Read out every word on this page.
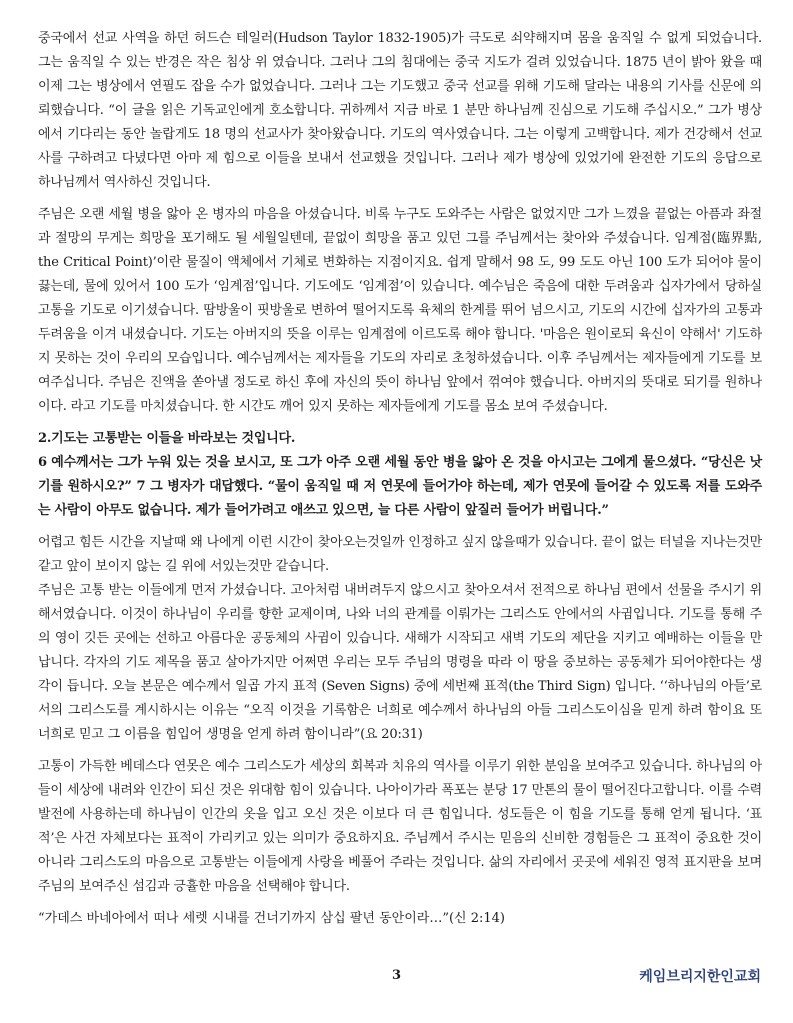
중국에서 선교 사역을 하던 허드슨 테일러(Hudson Taylor 1832-1905)가 극도로 쇠약해지며 몸을 움직일 수 없게 되었습니다. 그는 움직일 수 있는 반경은 작은 침상 위 였습니다. 그러나 그의 침대에는 중국 지도가 걸려 있었습니다. 1875 년이 밝아 왔을 때 이제 그는 병상에서 연필도 잡을 수가 없었습니다. 그러나 그는 기도했고 중국 선교를 위해 기도해 달라는 내용의 기사를 신문에 의뢰했습니다. “이 글을 읽은 기독교인에게 호소합니다. 귀하께서 지금 바로 1 분만 하나님께 진심으로 기도해 주십시오.” 그가 병상에서 기다리는 동안 놀랍게도 18 명의 선교사가 찾아왔습니다. 기도의 역사였습니다. 그는 이렇게 고백합니다. 제가 건강해서 선교사를 구하려고 다녔다면 아마 제 힘으로 이들을 보내서 선교했을 것입니다. 그러나 제가 병상에 있었기에 완전한 기도의 응답으로 하나님께서 역사하신 것입니다.

주님은 오랜 세월 병을 앓아 온 병자의 마음을 아셨습니다. 비록 누구도 도와주는 사람은 없었지만 그가 느꼈을 끝없는 아픔과 좌절과 절망의 무게는 희망을 포기해도 될 세월일텐데, 끝없이 희망을 품고 있던 그를 주님께서는 찾아와 주셨습니다. 임계점(臨界點, the Critical Point)’이란 물질이 액체에서 기체로 변화하는 지점이지요. 쉽게 말해서 98 도, 99 도도 아닌 100 도가 되어야 물이 끓는데, 물에 있어서 100 도가 ‘임계점’입니다. 기도에도 ‘임계점’이 있습니다. 예수님은 죽음에 대한 두려움과 십자가에서 당하실 고통을 기도로 이기셨습니다. 땀방울이 핏방울로 변하여 떨어지도록 육체의 한계를 뛰어 넘으시고, 기도의 시간에 십자가의 고통과 두려움을 이겨 내셨습니다. 기도는 아버지의 뜻을 이루는 임계점에 이르도록 해야 합니다. '마음은 원이로되 육신이 약해서' 기도하지 못하는 것이 우리의 모습입니다. 예수님께서는 제자들을 기도의 자리로 초청하셨습니다. 이후 주님께서는 제자들에게 기도를 보여주십니다. 주님은 진액을 쏟아낼 정도로 하신 후에 자신의 뜻이 하나님 앞에서 꺾여야 했습니다. 아버지의 뜻대로 되기를 원하나이다. 라고 기도를 마치셨습니다. 한 시간도 깨어 있지 못하는 제자들에게 기도를 몸소 보여 주셨습니다.

2.기도는 고통받는 이들을 바라보는 것입니다.

6 예수께서는 그가 누워 있는 것을 보시고, 또 그가 아주 오랜 세월 동안 병을 앓아 온 것을 아시고는 그에게 물으셨다. “당신은 낫기를 원하시오?” 7 그 병자가 대답했다. “물이 움직일 때 저 연못에 들어가야 하는데, 제가 연못에 들어갈 수 있도록 저를 도와주는 사람이 아무도 없습니다. 제가 들어가려고 애쓰고 있으면, 늘 다른 사람이 앞질러 들어가 버립니다.”

어렵고 힘든 시간을 지날때 왜 나에게 이런 시간이 찾아오는것일까 인정하고 싶지 않을때가 있습니다. 끝이 없는 터널을 지나는것만 같고 앞이 보이지 않는 길 위에 서있는것만 같습니다.

주님은 고통 받는 이들에게 먼저 가셨습니다. 고아처럼 내버려두지 않으시고 찾아오셔서 전적으로 하나님 편에서 선물을 주시기 위해서였습니다. 이것이 하나님이 우리를 향한 교제이며, 나와 너의 관계를 이뤄가는 그리스도 안에서의 사귐입니다. 기도를 통해 주의 영이 깃든 곳에는 선하고 아름다운 공동체의 사귐이 있습니다. 새해가 시작되고 새벽 기도의 제단을 지키고 예배하는 이들을 만납니다. 각자의 기도 제목을 품고 살아가지만 어쩌면 우리는 모두 주님의 명령을 따라 이 땅을 중보하는 공동체가 되어야한다는 생각이 듭니다. 오늘 본문은 예수께서 일곱 가지 표적 (Seven Signs) 중에 세번째 표적(the Third Sign) 입니다. ‘‘하나님의 아들’로서의 그리스도를 계시하시는 이유는 “오직 이것을 기록함은 너희로 예수께서 하나님의 아들 그리스도이심을 믿게 하려 함이요 또 너희로 믿고 그 이름을 힘입어 생명을 얻게 하려 함이니라”(요 20:31)

고통이 가득한 베데스다 연못은 예수 그리스도가 세상의 회복과 치유의 역사를 이루기 위한 분임을 보여주고 있습니다. 하나님의 아들이 세상에 내려와 인간이 되신 것은 위대함 힘이 있습니다. 나아이가라 폭포는 분당 17 만톤의 물이 떨어진다고합니다. 이를 수력 발전에 사용하는데 하나님이 인간의 옷을 입고 오신 것은 이보다 더 큰 힘입니다. 성도들은 이 힘을 기도를 통해 얻게 됩니다. ‘표적’은 사건 자체보다는 표적이 가리키고 있는 의미가 중요하지요. 주님께서 주시는 믿음의 신비한 경험들은 그 표적이 중요한 것이 아니라 그리스도의 마음으로 고통받는 이들에게 사랑을 베풀어 주라는 것입니다. 삶의 자리에서 곳곳에 세워진 영적 표지판을 보며 주님의 보여주신 섬김과 긍휼한 마음을 선택해야 합니다.

“가데스 바네아에서 떠나 세렛 시내를 건너기까지 삼십 팔년 동안이라…”(신 2:14)

3	케임브리지한인교회
